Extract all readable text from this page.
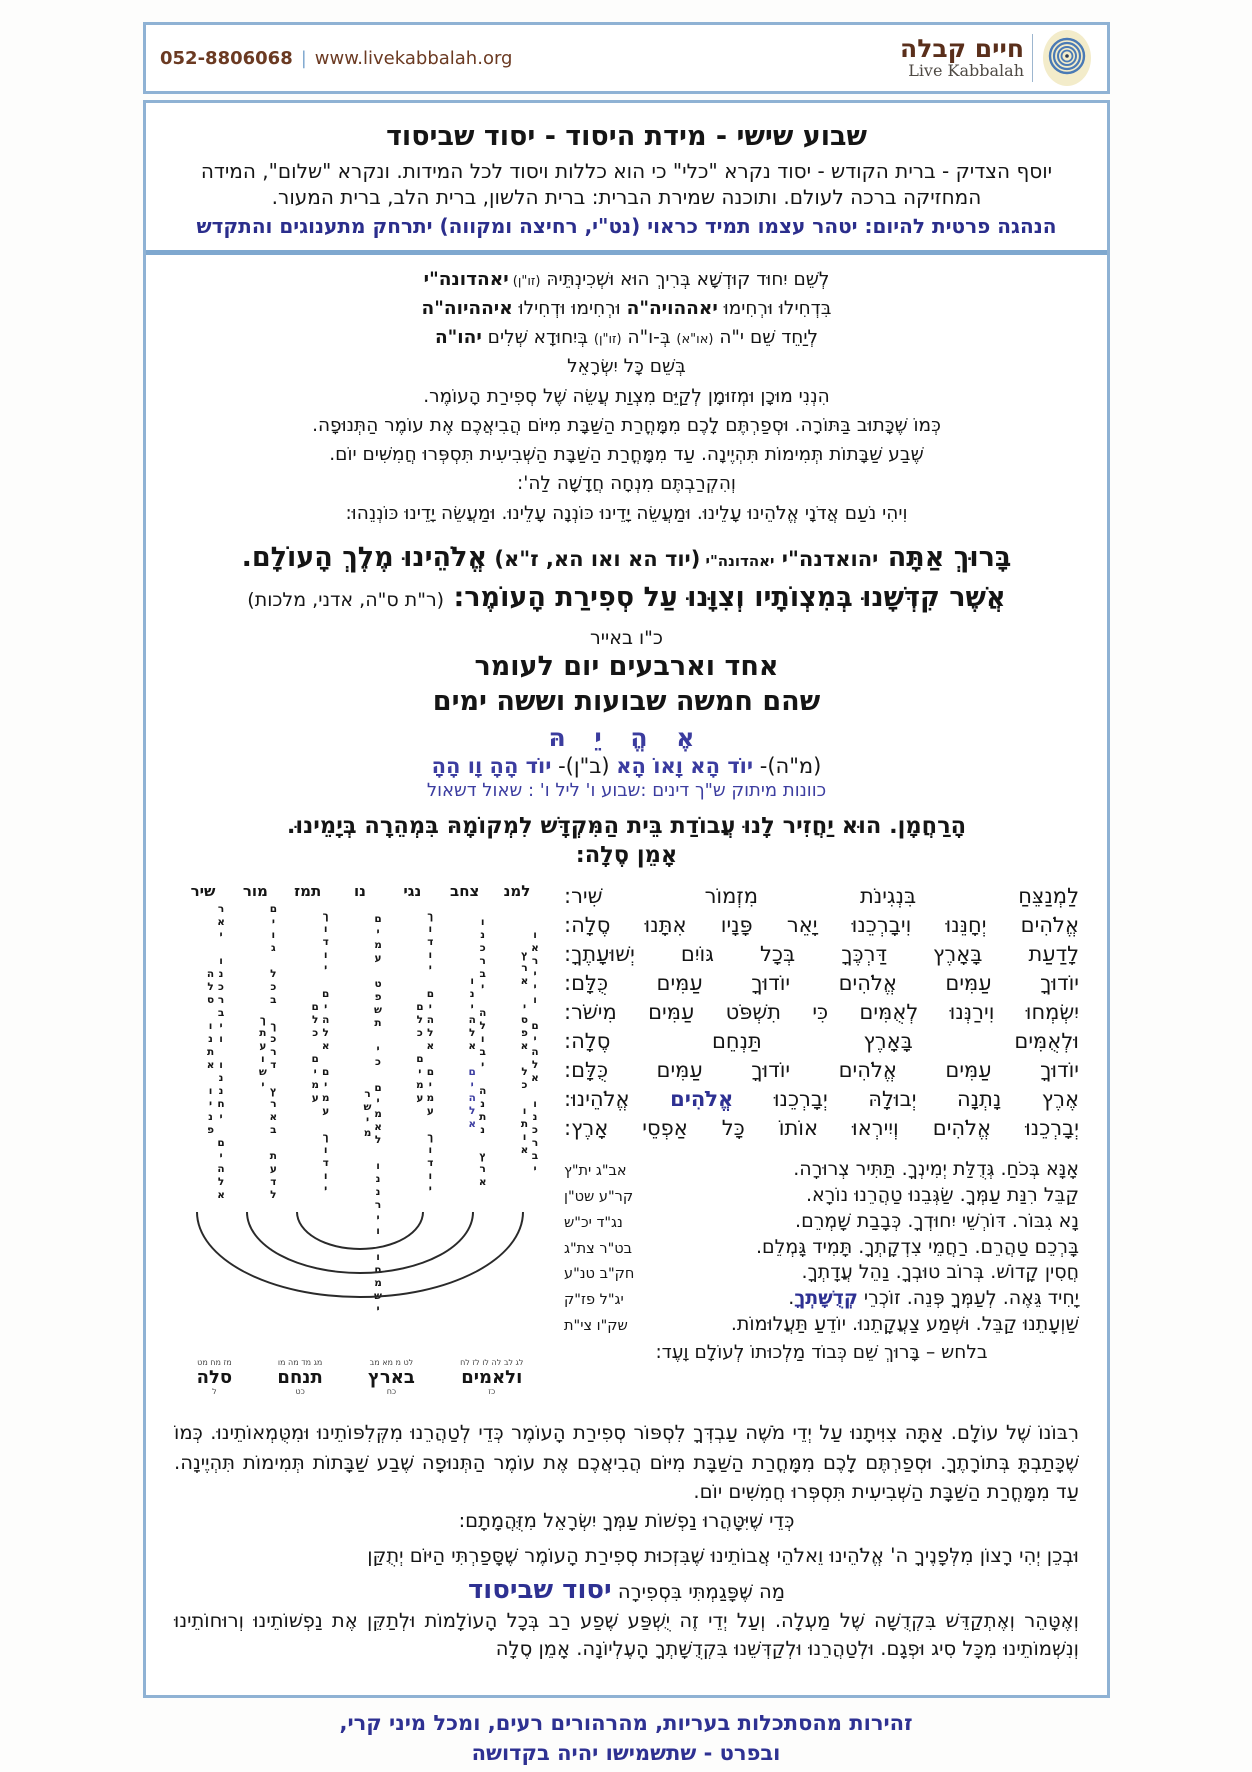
חיים קבלה
Live Kabbalah
052-8806068 | www.livekabbalah.org
שבוע שישי - מידת היסוד - יסוד שביסוד
יוסף הצדיק - ברית הקודש - יסוד נקרא "כלי" כי הוא כללות ויסוד לכל המידות. ונקרא "שלום", המידה המחזיקה ברכה לעולם. ותוכנה שמירת הברית: ברית הלשון, ברית הלב, ברית המעור.
הנהגה פרטית להיום: יטהר עצמו תמיד כראוי (נט"י, רחיצה ומקווה) יתרחק מתענוגים והתקדש
לְשֵׁם יִחוּד קוּדְשָׁא בְּרִיךְ הוּא וּשְׁכִינְתֵּיהּ (זו"ן) יאהדונה"י
בִּדְחִילוּ וּרְחִימוּ יאההויה"ה וּרְחִימוּ וּדְחִילוּ איההיוה"ה
לְיַחֵד שֵׁם י"ה (או"א) בְּ-ו"ה (זו"ן) בְּיִחוּדָא שְׁלִים יהו"ה
בְּשֵׁם כָּל יִשְׂרָאֵל
הִנְנִי מוּכָן וּמְזוּמָן לְקַיֵּם מִצְוַת עֲשֵׂה שֶׁל סְפִירַת הָעוֹמֶר.
כְּמוֹ שֶׁכָּתוּב בַּתּוֹרָה. וּסְפַרְתֶּם לָכֶם מִמָּחֳרַת הַשַּׁבָּת מִיּוֹם הֲבִיאֲכֶם אֶת עוֹמֶר הַתְּנוּפָה.
שֶׁבַע שַׁבָּתוֹת תְּמִימוֹת תִּהְיֶינָה. עַד מִמָּחֳרַת הַשַּׁבָּת הַשְּׁבִיעִית תִּסְפְּרוּ חֲמִשִּׁים יוֹם.
וְהִקְרַבְתֶּם מִנְחָה חֲדָשָׁה לַה':
וִיהִי נֹעַם אֲדֹנָי אֱלֹהֵינוּ עָלֵינוּ. וּמַעֲשֵׂה יָדֵינוּ כּוֹנְנָה עָלֵינוּ. וּמַעֲשֵׂה יָדֵינוּ כּוֹנְנֵהוּ:
בָּרוּךְ אַתָּה יהואדנה"י יאהדונה"י (יוד הא ואו הא, ז"א) אֱלֹהֵינוּ מֶלֶךְ הָעוֹלָם.
אֲשֶׁר קִדְּשָׁנוּ בְּמִצְוֹתָיו וְצִוָּנוּ עַל סְפִירַת הָעוֹמֶר: (ר"ת ס"ה, אדני, מלכות)
כ"ו באייר
אחד וארבעים יום לעומר
שהם חמשה שבועות וששה ימים
אֶ הֱ יֵ הּ
(מ"ה)- יוֹד הָא וָאוֹ הָא (ב"ן)- יוֹד הָהָ וָו הָהָ
כוונות מיתוק ש"ך דינים :שבוע ו' ליל ו' : שאול דשאול
הָרַחֲמָן. הוּא יַחֲזִיר לָנוּ עֲבוֹדַת בֵּית הַמִּקְדָּשׁ לִמְקוֹמָהּ בִּמְהֵרָה בְּיָמֵינוּ.
אָמֵן סֶלָה:
לַמְנַצֵּחַ בִּנְגִינֹת מִזְמוֹר שִׁיר:
אֱלֹהִים יְחָנֵּנוּ וִיבָרְכֵנוּ יָאֵר פָּנָיו אִתָּנוּ סֶלָה:
לָדַעַת בָּאָרֶץ דַּרְכֶּךָ בְּכָל גּוֹיִם יְשׁוּעָתֶךָ:
יוֹדוּךָ עַמִּים אֱלֹהִים יוֹדוּךָ עַמִּים כֻּלָּם:
יִשְׂמְחוּ וִירַנְּנוּ לְאֻמִּים כִּי תִשְׁפֹּט עַמִּים מִישֹׁר:
וּלְאֻמִּים בָּאָרֶץ תַּנְחֵם סֶלָה:
יוֹדוּךָ עַמִּים אֱלֹהִים יוֹדוּךָ עַמִּים כֻּלָּם:
אֶרֶץ נָתְנָה יְבוּלָהּ יְבָרְכֵנוּ אֱלֹהִים אֱלֹהֵינוּ:
יְבָרְכֵנוּ אֱלֹהִים וְיִירְאוּ אוֹתוֹ כָּל אַפְסֵי אָרֶץ:
אָנָּא בְּכֹחַ. גְּדֻלַּת יְמִינְךָ. תַּתִּיר צְרוּרָה.
אב"ג ית"ץ
קַבֵּל רִנַּת עַמְּךָ. שַׂגְּבֵנוּ טַהֲרֵנוּ נוֹרָא.
קר"ע שט"ן
נָא גִבּוֹר. דּוֹרְשֵׁי יִחוּדְךָ. כְּבָבַת שָׁמְרֵם.
נג"ד יכ"ש
בָּרְכֵם טַהֲרֵם. רַחֲמֵי צִדְקָתְךָ. תָּמִיד גָּמְלֵם.
בט"ר צת"ג
חֲסִין קָדוֹשׁ. בְּרוֹב טוּבְךָ. נַהֵל עֲדָתְךָ.
חק"ב טנ"ע
יָחִיד גֵּאֶה. לְעַמְּךָ פְּנֵה. זוֹכְרֵי קְדֻשָּׁתְךָ.
יג"ל פז"ק
שַׁוְעָתֵנוּ קַבֵּל. וּשְׁמַע צַעֲקָתֵנוּ. יוֹדֵעַ תַּעֲלוּמוֹת.
שק"ו צי"ת
בלחש – בָּרוּךְ שֵׁם כְּבוֹד מַלְכוּתוֹ לְעוֹלָם וָעֶד:
למנ
צחב
נגי
נו
תמז
מור
שיר
יברכנו אלהים וייראו אותו כל אפסי ארץ
ארץ נתנה יבולה יברכנו אלהים אלהינו
יודוך עמים אלהים יודוך עמים כלם
ישמחו וירננו לאמים כי תשפט עמים מישר
יודוך עמים אלהים יודוך עמים כלם
לדעת בארץ דרכך בכל גוים ישועתך
אלהים יחננו ויברכנו יאר פניו אתנו סלה
לג לב לה לו לז לח
ולאמים
כז
לט מ מא מב
בארץ
כח
מג מד מה מו
תנחם
כט
מז מח מט
סלה
ל
רִבּוֹנוֹ שֶׁל עוֹלָם. אַתָּה צִוִּיתָנוּ עַל יְדֵי מֹשֶׁה עַבְדְּךָ לִסְפּוֹר סְפִירַת הָעוֹמֶר כְּדֵי לְטַהֲרֵנוּ מִקְּלִפּוֹתֵינוּ וּמִטֻּמְאוֹתֵינוּ. כְּמוֹ שֶׁכָּתַבְתָּ בְּתוֹרָתֶךָ. וּסְפַרְתֶּם לָכֶם מִמָּחֳרַת הַשַּׁבָּת מִיּוֹם הֲבִיאֲכֶם אֶת עוֹמֶר הַתְּנוּפָה שֶׁבַע שַׁבָּתוֹת תְּמִימוֹת תִּהְיֶינָה. עַד מִמָּחֳרַת הַשַּׁבָּת הַשְּׁבִיעִית תִּסְפְּרוּ חֲמִשִּׁים יוֹם.
כְּדֵי שֶׁיִּטָּהֲרוּ נַפְשׁוֹת עַמְּךָ יִשְׂרָאֵל מִזֻּהֲמָתָם:
וּבְכֵן יְהִי רָצוֹן מִלְּפָנֶיךָ ה' אֱלֹהֵינוּ וֵאלֹהֵי אֲבוֹתֵינוּ שֶׁבִּזְכוּת סְפִירַת הָעוֹמֶר שֶׁסָּפַרְתִּי הַיּוֹם יְתֻקַּן
מַה שֶּׁפָּגַמְתִּי בִּסְפִירָה יסוד שביסוד
וְאֶטָּהֵר וְאֶתְקַדֵּשׁ בִּקְדֻשָּׁה שֶׁל מַעְלָה. וְעַל יְדֵי זֶה יֻשְׁפַּע שֶׁפַע רַב בְּכָל הָעוֹלָמוֹת וּלְתַקֵּן אֶת נַפְשׁוֹתֵינוּ וְרוּחוֹתֵינוּ וְנִשְׁמוֹתֵינוּ מִכָּל סִיג וּפְגָם. וּלְטַהֲרֵנוּ וּלְקַדְּשֵׁנוּ בִּקְדֻשָּׁתְךָ הָעֶלְיוֹנָה. אָמֵן סֶלָה
זהירות מהסתכלות בעריות, מהרהורים רעים, ומכל מיני קרי,
ובפרט - שתשמישו יהיה בקדושה
